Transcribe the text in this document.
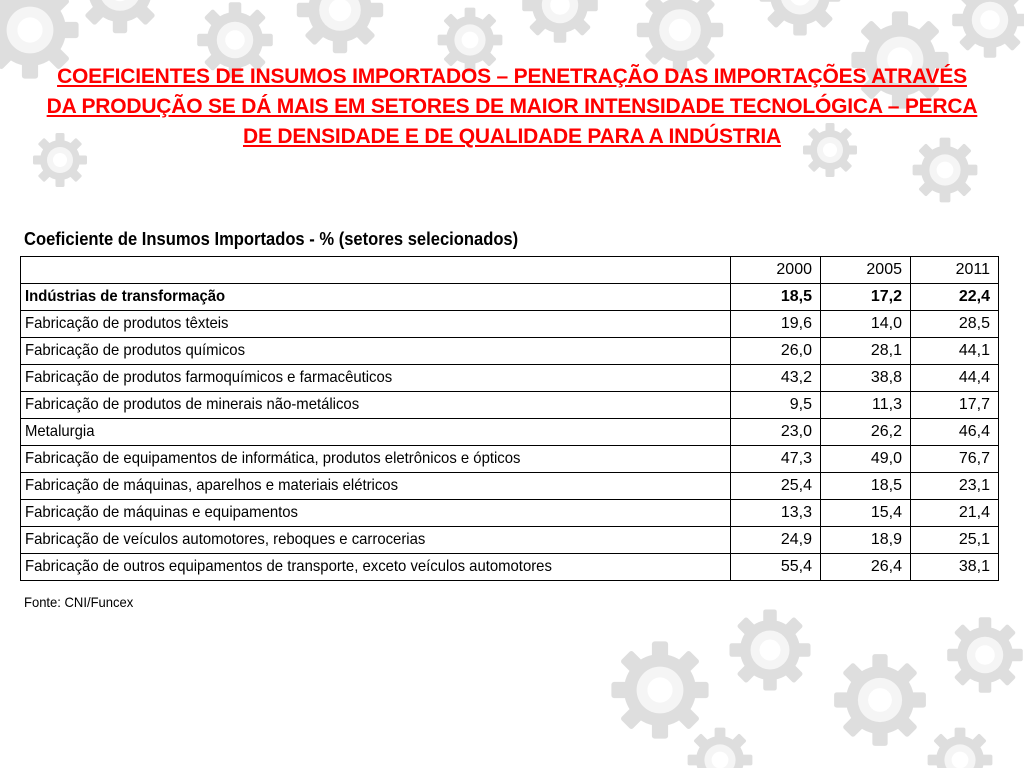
COEFICIENTES DE INSUMOS IMPORTADOS – PENETRAÇÃO DAS IMPORTAÇÕES ATRAVÉS DA PRODUÇÃO SE DÁ MAIS EM SETORES DE MAIOR INTENSIDADE TECNOLÓGICA – PERCA DE DENSIDADE E DE QUALIDADE PARA A INDÚSTRIA
Coeficiente de Insumos Importados - % (setores selecionados)
	2000	2005	2011
Indústrias de transformação	18,5	17,2	22,4
Fabricação de produtos têxteis	19,6	14,0	28,5
Fabricação de produtos químicos	26,0	28,1	44,1
Fabricação de produtos farmoquímicos e farmacêuticos	43,2	38,8	44,4
Fabricação de produtos de minerais não-metálicos	9,5	11,3	17,7
Metalurgia	23,0	26,2	46,4
Fabricação de equipamentos de informática, produtos eletrônicos e ópticos	47,3	49,0	76,7
Fabricação de máquinas, aparelhos e materiais elétricos	25,4	18,5	23,1
Fabricação de máquinas e equipamentos	13,3	15,4	21,4
Fabricação de veículos automotores, reboques e carrocerias	24,9	18,9	25,1
Fabricação de outros equipamentos de transporte, exceto veículos automotores	55,4	26,4	38,1
Fonte: CNI/Funcex
